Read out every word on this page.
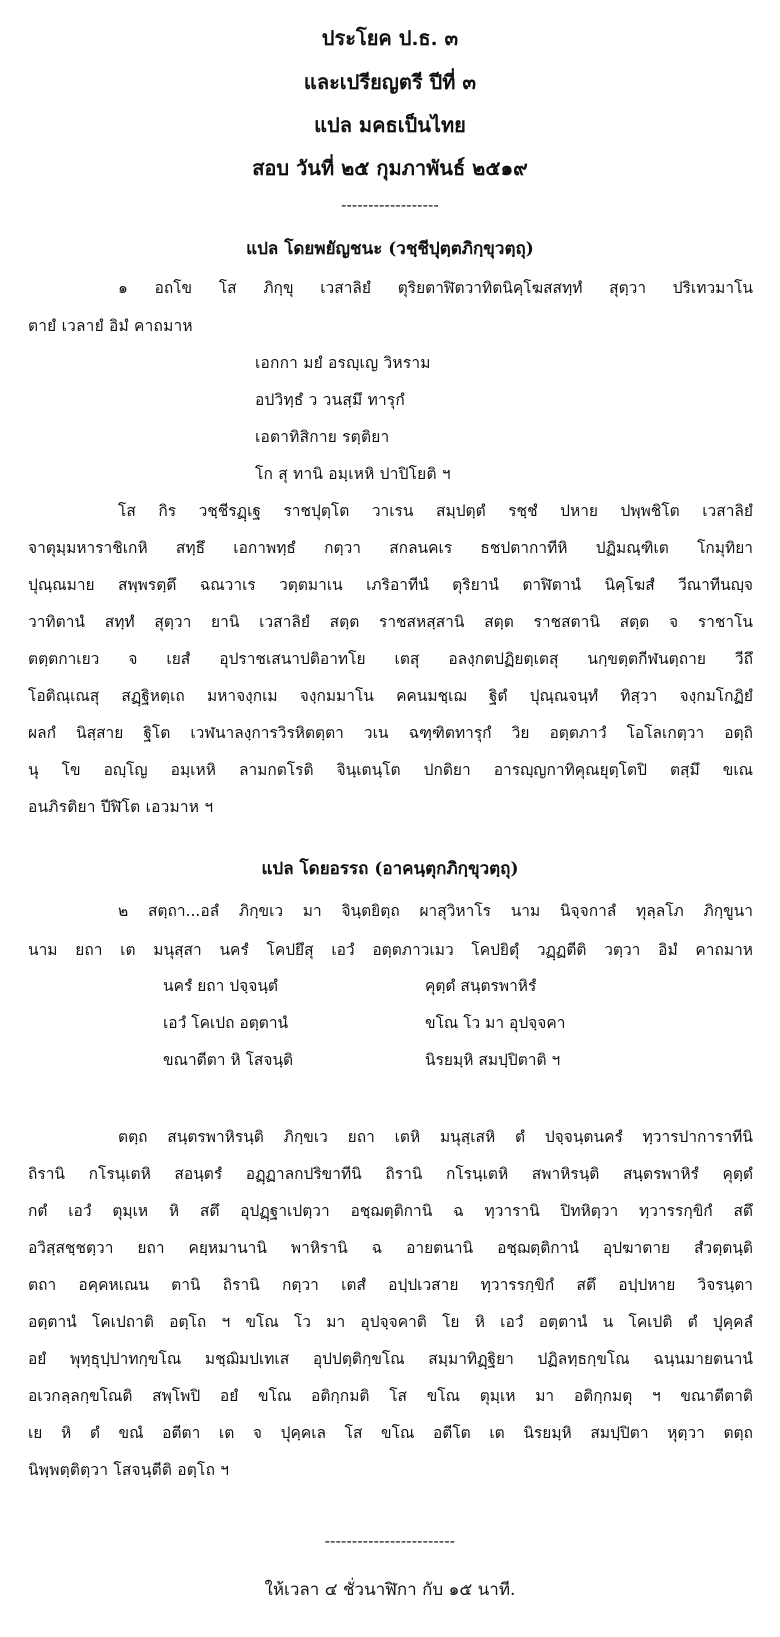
ประโยค ป.ธ. ๓
และเปรียญตรี ปีที่ ๓
แปล มคธเป็นไทย
สอบ วันที่ ๒๕ กุมภาพันธ์ ๒๕๑๙
------------------
แปล โดยพยัญชนะ (วชฺชีปุตฺตภิกฺขุวตฺถุ)
๑ อถโข โส ภิกฺขุ เวสาลิยํ ตุริยตาฬิตวาทิตนิคฺโฆสสทฺทํ สุตฺวา ปริเทวมาโน
ตายํ เวลายํ อิมํ คาถมาห
เอกกา มยํ อรญฺเญ วิหราม
อปวิทฺธํ ว วนสฺมึ ทารุกํ
เอตาทิสิกาย รตฺติยา
โก สุ ทานิ อมฺเหหิ ปาปิโยติ ฯ
โส กิร วชฺชีรฏฺเฐ ราชปุตฺโต วาเรน สมฺปตฺตํ รชฺชํ ปหาย ปพฺพชิโต เวสาลิยํ
จาตุมฺมหาราชิเกหิ สทฺธึ เอกาพทฺธํ กตฺวา สกลนคเร ธชปตากาทีหิ ปฏิมณฺฑิเต โกมุทิยา
ปุณฺณมาย สพฺพรตฺตึ ฉณวาเร วตฺตมาเน เภริอาทีนํ ตุริยานํ ตาฬิตานํ นิคฺโฆสํ วีณาทีนญฺจ
วาทิตานํ สทฺทํ สุตฺวา ยานิ เวสาลิยํ สตฺต ราชสหสฺสานิ สตฺต ราชสตานิ สตฺต จ ราชาโน
ตตฺตกาเยว จ เยสํ อุปราชเสนาปติอาทโย เตสุ อลงฺกตปฏิยตฺเตสุ นกฺขตฺตกีฬนตฺถาย วีถึ
โอติณฺเณสุ สฏฺฐิหตฺเถ มหาจงฺกเม จงฺกมมาโน คคนมชฺเฌ ฐิตํ ปุณฺณจนฺทํ ทิสฺวา จงฺกมโกฏิยํ
ผลกํ นิสฺสาย ฐิโต เวฬนาลงฺการวิรหิตตฺตา วเน ฉฑฺฑิตทารุกํ วิย อตฺตภาวํ โอโลเกตฺวา อตฺถิ
นุ โข อญฺโญ อมฺเหหิ ลามกตโรติ จินฺเตนฺโต ปกติยา อารญฺญกาทิคุณยุตฺโตปิ ตสฺมึ ขเณ
อนภิรติยา ปีฬิโต เอวมาห ฯ
แปล โดยอรรถ (อาคนฺตุกภิกฺขุวตฺถุ)
๒ สตฺถา...อลํ ภิกฺขเว มา จินฺตยิตฺถ ผาสุวิหาโร นาม นิจฺจกาลํ ทุลฺลโภ ภิกฺขูนา
นาม ยถา เต มนุสฺสา นครํ โคปยึสุ เอวํ อตฺตภาวเมว โคปยิตุํ วฏฺฏตีติ วตฺวา อิมํ คาถมาห
นครํ ยถา ปจฺจนฺตํ
เอวํ โคเปถ อตฺตานํ
ขณาตีตา หิ โสจนฺติ
คุตฺตํ สนฺตรพาหิรํ
ขโณ โว มา อุปจฺจคา
นิรยมฺหิ สมปฺปิตาติ ฯ
ตตฺถ สนฺตรพาหิรนฺติ ภิกฺขเว ยถา เตหิ มนุสฺเสหิ ตํ ปจฺจนฺตนครํ ทฺวารปาการาทีนิ
ถิรานิ กโรนฺเตหิ สอนฺตรํ อฏฺฏาลกปริขาทีนิ ถิรานิ กโรนฺเตหิ สพาหิรนฺติ สนฺตรพาหิรํ คุตฺตํ
กตํ เอวํ ตุมฺเห หิ สตึ อุปฏฺฐาเปตฺวา อชฺฌตฺติกานิ ฉ ทฺวารานิ ปิทหิตฺวา ทฺวารรกฺขิกํ สตึ
อวิสฺสชฺชตฺวา ยถา คยฺหมานานิ พาหิรานิ ฉ อายตนานิ อชฺฌตฺติกานํ อุปฆาตาย สํวตฺตนฺติ
ตถา อคฺคหเณน ตานิ ถิรานิ กตฺวา เตสํ อปฺปเวสาย ทฺวารรกฺขิกํ สตึ อปฺปหาย วิจรนฺตา
อตฺตานํ โคเปถาติ อตฺโถ ฯ ขโณ โว มา อุปจฺจคาติ โย หิ เอวํ อตฺตานํ น โคเปติ ตํ ปุคฺคลํ
อยํ พุทฺธุปฺปาทกฺขโณ มชฺฌิมปเทเส อุปปตฺติกฺขโณ สมฺมาทิฏฺฐิยา ปฏิลทฺธกฺขโณ ฉนฺนมายตนานํ
อเวกลฺลกฺขโณติ สพฺโพปิ อยํ ขโณ อติกฺกมติ โส ขโณ ตุมฺเห มา อติกฺกมตุ ฯ ขณาตีตาติ
เย หิ ตํ ขณํ อตีตา เต จ ปุคฺคเล โส ขโณ อตีโต เต นิรยมฺหิ สมปฺปิตา หุตฺวา ตตฺถ
นิพฺพตฺติตฺวา โสจนฺตีติ อตฺโถ ฯ
------------------------
ให้เวลา ๔ ชั่วนาฬิกา กับ ๑๕ นาที.
